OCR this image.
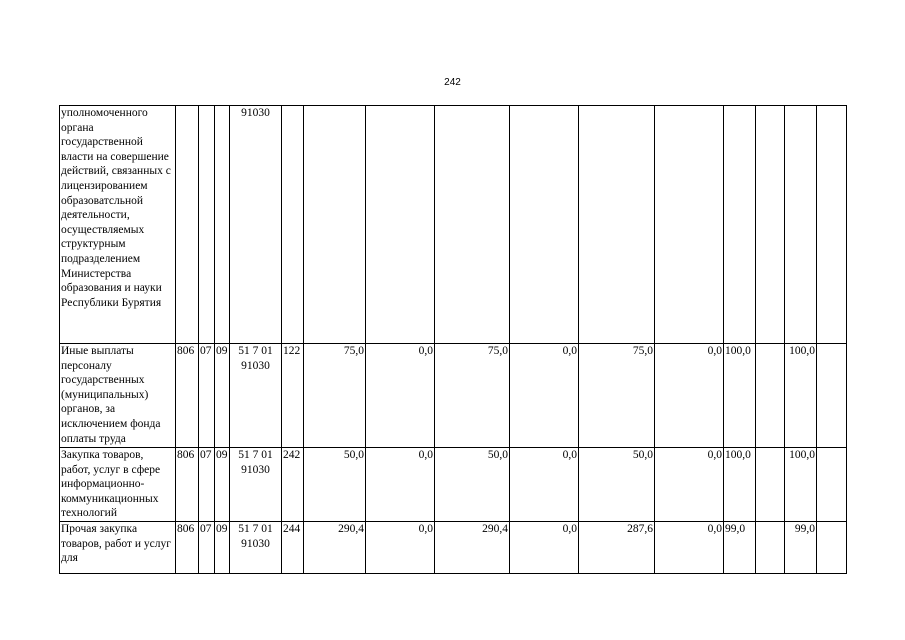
242
уполномоченного органа государственной власти на совершение действий, связанных с лицензированием образоватсльной деятельности, осуществляемых структурным подразделением Министерства образования и науки Республики Бурятия				91030											
Иные выплаты персоналу государственных (муниципальных) органов, за исключением фонда оплаты труда	806	07	09	51 7 01 91030	122	75,0	0,0	75,0	0,0	75,0	0,0	100,0		100,0	
Закупка товаров, работ, услуг в сфере информационно-коммуникационных технологий	806	07	09	51 7 01 91030	242	50,0	0,0	50,0	0,0	50,0	0,0	100,0		100,0	
Прочая закупка товаров, работ и услуг для	806	07	09	51 7 01 91030	244	290,4	0,0	290,4	0,0	287,6	0,0	99,0		99,0	
